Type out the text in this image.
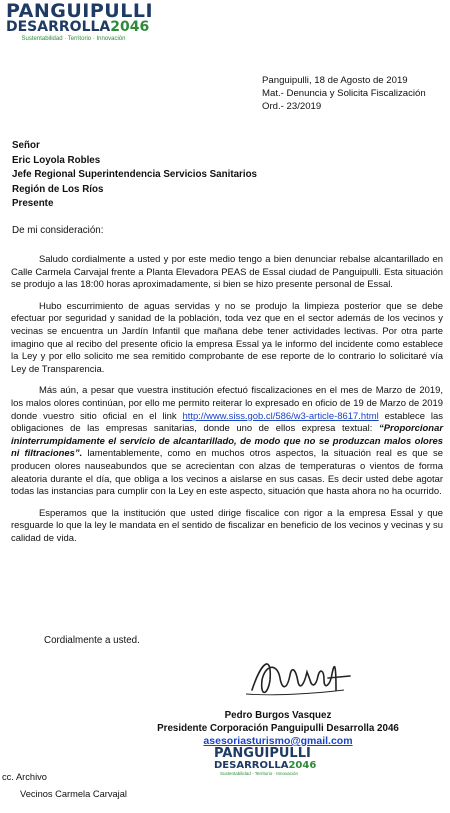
PANGUIPULLI
DESARROLLA2046
Sustentabilidad · Territorio · Innovación
Panguipulli, 18 de Agosto de 2019
Mat.- Denuncia y Solicita Fiscalización
Ord.- 23/2019
Señor
Eric Loyola Robles
Jefe Regional Superintendencia Servicios Sanitarios
Región de Los Ríos
Presente
De mi consideración:

Saludo cordialmente a usted y por este medio tengo a bien denunciar rebalse alcantarillado en Calle Carmela Carvajal frente a Planta Elevadora PEAS de Essal ciudad de Panguipulli. Esta situación se produjo a las 18:00 horas aproximadamente, si bien se hizo presente personal de Essal.

Hubo escurrimiento de aguas servidas y no se produjo la limpieza posterior que se debe efectuar por seguridad y sanidad de la población, toda vez que en el sector además de los vecinos y vecinas se encuentra un Jardín Infantil que mañana debe tener actividades lectivas. Por otra parte imagino que al recibo del presente oficio la empresa Essal ya le informo del incidente como establece la Ley y por ello solicito me sea remitido comprobante de ese reporte de lo contrario lo solicitaré vía Ley de Transparencia.

Más aún, a pesar que vuestra institución efectuó fiscalizaciones en el mes de Marzo de 2019, los malos olores continúan, por ello me permito reiterar lo expresado en oficio de 19 de Marzo de 2019 donde vuestro sitio oficial en el link http://www.siss.gob.cl/586/w3-article-8617.html establece las obligaciones de las empresas sanitarias, donde uno de ellos expresa textual: “Proporcionar ininterrumpidamente el servicio de alcantarillado, de modo que no se produzcan malos olores ni filtraciones”. lamentablemente, como en muchos otros aspectos, la situación real es que se producen olores nauseabundos que se acrecientan con alzas de temperaturas o vientos de forma aleatoria durante el día, que obliga a los vecinos a aislarse en sus casas. Es decir usted debe agotar todas las instancias para cumplir con la Ley en este aspecto, situación que hasta ahora no ha ocurrido.

Esperamos que la institución que usted dirige fiscalice con rigor a la empresa Essal y que resguarde lo que la ley le mandata en el sentido de fiscalizar en beneficio de los vecinos y vecinas y su calidad de vida.

Cordialmente a usted.
Pedro Burgos Vasquez
Presidente Corporación Panguipulli Desarrolla 2046
asesoriasturismo@gmail.com
PANGUIPULLI
DESARROLLA2046
Sustentabilidad · Territorio · Innovación
cc. Archivo
Vecinos Carmela Carvajal
